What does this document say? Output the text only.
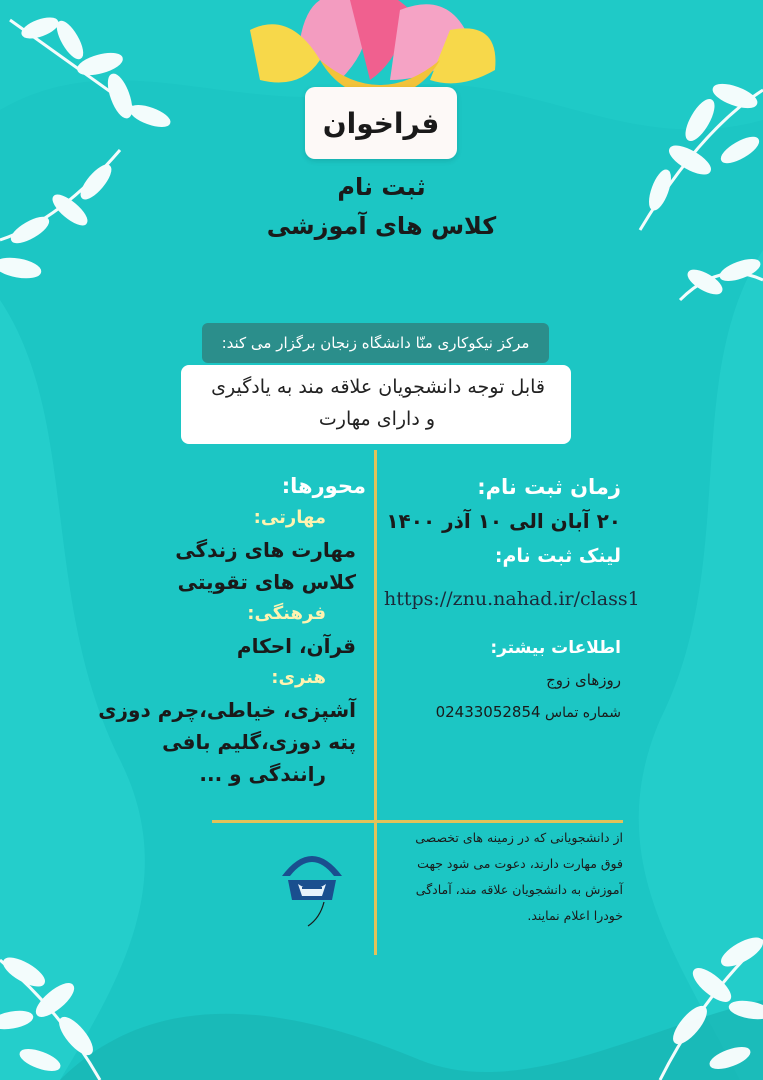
فراخوان
ثبت نام
کلاس های آموزشی
مرکز نیکوکاری منّا دانشگاه زنجان برگزار می کند:
قابل توجه دانشجویان علاقه مند به یادگیری
و دارای مهارت
محورها:
مهارتی:
مهارت های زندگی
کلاس های تقویتی
فرهنگی:
قرآن، احکام
هنری:
آشپزی، خیاطی،چرم دوزی
پته دوزی،گلیم بافی
رانندگی و ...
زمان ثبت نام:
۲۰ آبان الی ۱۰ آذر ۱۴۰۰
لینک ثبت نام:
اطلاعات بیشتر:
روزهای زوج
شماره تماس 02433052854
https://znu.nahad.ir/class1
از دانشجویانی که در زمینه های تخصصی
فوق مهارت دارند، دعوت می شود جهت
آموزش به دانشجویان علاقه مند، آمادگی
خودرا اعلام نمایند.
